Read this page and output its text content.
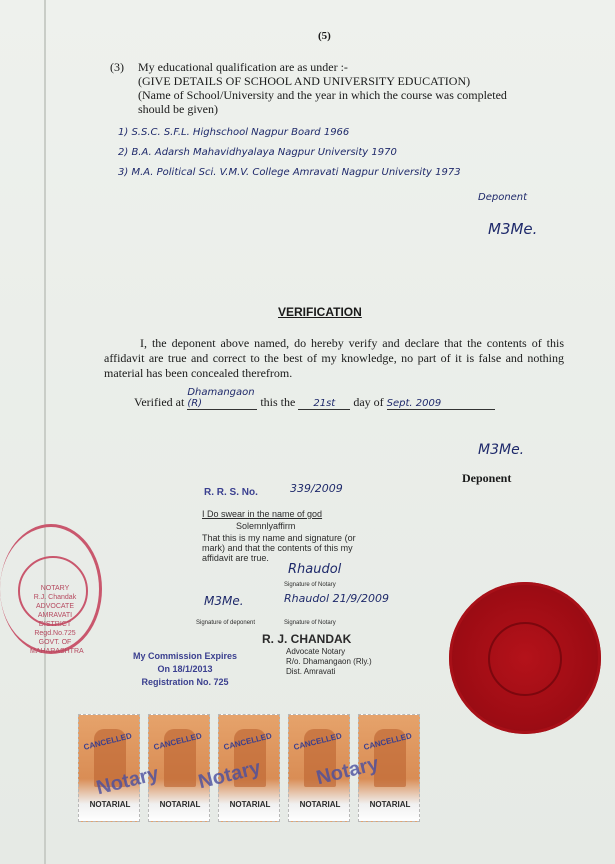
(5)
(3) My educational qualification are as under :-
(GIVE DETAILS OF SCHOOL AND UNIVERSITY EDUCATION)
(Name of School/University and the year in which the course was completed
should be given)
1) S.S.C. S.F.L. Highschool Nagpur Board 1966
2) B.A. Adarsh Mahavidhyalaya Nagpur University 1970
3) M.A. Political Sci. V.M.V. College Amravati Nagpur University 1973
Deponent
M3Me.
VERIFICATION
I, the deponent above named, do hereby verify and declare that the contents of this affidavit are true and correct to the best of my knowledge, no part of it is false and nothing material has been concealed therefrom.
Verified at Dhamangaon (R)	this the 21st day of Sept. 2009
M3Me.
Deponent
R. R. S. No.	339/2009
I Do swear in the name of god
Solemnlyaffirm
That this is my name and signature (or mark) and that the contents of this my affidavit are true.
Rhaudol
Signature of Notary
M3Me.	Rhaudol 21/9/2009
Signature of deponent	Signature of Notary
My Commission Expires
On 18/1/2013
Registration No. 725
R. J. CHANDAK
Advocate Notary
R/o. Dhamangaon (Rly.)
Dist. Amravati
NOTARY
R.J. Chandak ADVOCATE AMRAVATI DISTRICT Regd.No.725
GOVT. OF MAHARASHTRA
CANCELLED
NOTARIAL
CANCELLED
NOTARIAL
CANCELLED
NOTARIAL
CANCELLED
NOTARIAL
CANCELLED
NOTARIAL
Notary Notary	Notary
